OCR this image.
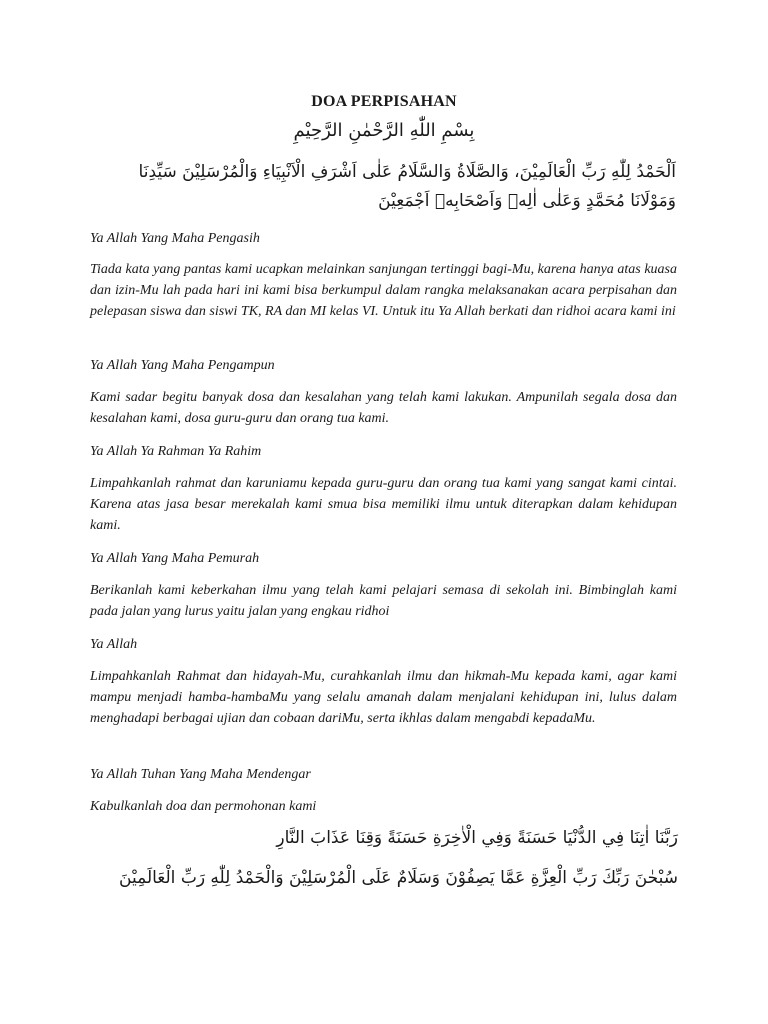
DOA PERPISAHAN
بِسْمِ اللّٰهِ الرَّحْمٰنِ الرَّحِيْمِ
اَلْحَمْدُ لِلّٰهِ رَبِّ الْعَالَمِيْنَ، وَالصَّلَاةُ وَالسَّلَامُ عَلٰى اَشْرَفِ الْاَنْبِيَاءِ وَالْمُرْسَلِيْنَ سَيِّدِنَا وَمَوْلَانَا مُحَمَّدٍ وَعَلٰى اٰلِهٖ وَاَصْحَابِهٖ اَجْمَعِيْنَ

Ya Allah Yang Maha Pengasih

Tiada kata yang pantas kami ucapkan melainkan sanjungan tertinggi bagi-Mu, karena hanya atas kuasa dan izin-Mu lah pada hari ini kami bisa berkumpul dalam rangka melaksanakan acara perpisahan dan pelepasan siswa dan siswi TK, RA dan MI kelas VI. Untuk itu Ya Allah berkati dan ridhoi acara kami ini

Ya Allah Yang Maha Pengampun

Kami sadar begitu banyak dosa dan kesalahan yang telah kami lakukan. Ampunilah segala dosa dan kesalahan kami, dosa guru-guru dan orang tua kami.

Ya Allah Ya Rahman Ya Rahim

Limpahkanlah rahmat dan karuniamu kepada guru-guru dan orang tua kami yang sangat kami cintai. Karena atas jasa besar merekalah kami smua bisa memiliki ilmu untuk diterapkan dalam kehidupan kami.

Ya Allah Yang Maha Pemurah

Berikanlah kami keberkahan ilmu yang telah kami pelajari semasa di sekolah ini. Bimbinglah kami pada jalan yang lurus yaitu jalan yang engkau ridhoi

Ya Allah

Limpahkanlah Rahmat dan hidayah-Mu, curahkanlah ilmu dan hikmah-Mu kepada kami, agar kami mampu menjadi hamba-hambaMu yang selalu amanah dalam menjalani kehidupan ini, lulus dalam menghadapi berbagai ujian dan cobaan dariMu, serta ikhlas dalam mengabdi kepadaMu.

Ya Allah Tuhan Yang Maha Mendengar

Kabulkanlah doa dan permohonan kami

رَبَّنَا اٰتِنَا فِي الدُّنْيَا حَسَنَةً وَفِي الْاٰخِرَةِ حَسَنَةً وَقِنَا عَذَابَ النَّارِ
سُبْحٰنَ رَبِّكَ رَبِّ الْعِزَّةِ عَمَّا يَصِفُوْنَ وَسَلَامٌ عَلَى الْمُرْسَلِيْنَ وَالْحَمْدُ لِلّٰهِ رَبِّ الْعَالَمِيْنَ
